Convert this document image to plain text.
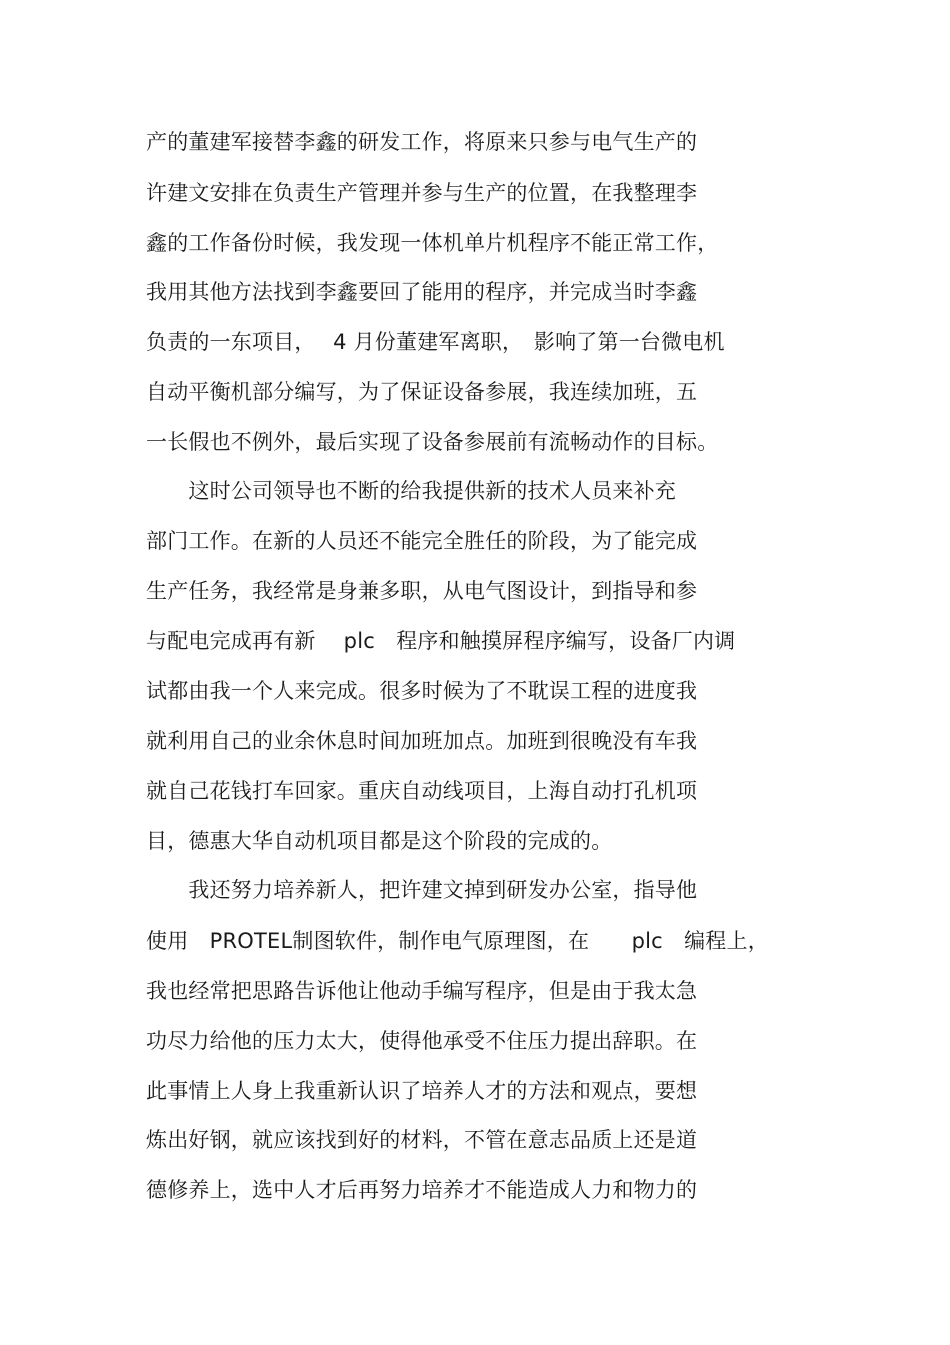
产的董建军接替李鑫的研发工作，将原来只参与电气生产的
许建文安排在负责生产管理并参与生产的位置，在我整理李
鑫的工作备份时候，我发现一体机单片机程序不能正常工作，
我用其他方法找到李鑫要回了能用的程序，并完成当时李鑫
负责的一东项目，　 4 月份董建军离职，　影响了第一台微电机
自动平衡机部分编写，为了保证设备参展，我连续加班，五
一长假也不例外，最后实现了设备参展前有流畅动作的目标。
　　这时公司领导也不断的给我提供新的技术人员来补充
部门工作。在新的人员还不能完全胜任的阶段，为了能完成
生产任务，我经常是身兼多职，从电气图设计，到指导和参
与配电完成再有新　 plc　程序和触摸屏程序编写，设备厂内调
试都由我一个人来完成。很多时候为了不耽误工程的进度我
就利用自己的业余休息时间加班加点。加班到很晚没有车我
就自己花钱打车回家。重庆自动线项目，上海自动打孔机项
目，德惠大华自动机项目都是这个阶段的完成的。
　　我还努力培养新人，把许建文掉到研发办公室，指导他
使用　PROTEL制图软件，制作电气原理图，在　　plc　编程上，
我也经常把思路告诉他让他动手编写程序，但是由于我太急
功尽力给他的压力太大，使得他承受不住压力提出辞职。在
此事情上人身上我重新认识了培养人才的方法和观点，要想
炼出好钢，就应该找到好的材料，不管在意志品质上还是道
德修养上，选中人才后再努力培养才不能造成人力和物力的
